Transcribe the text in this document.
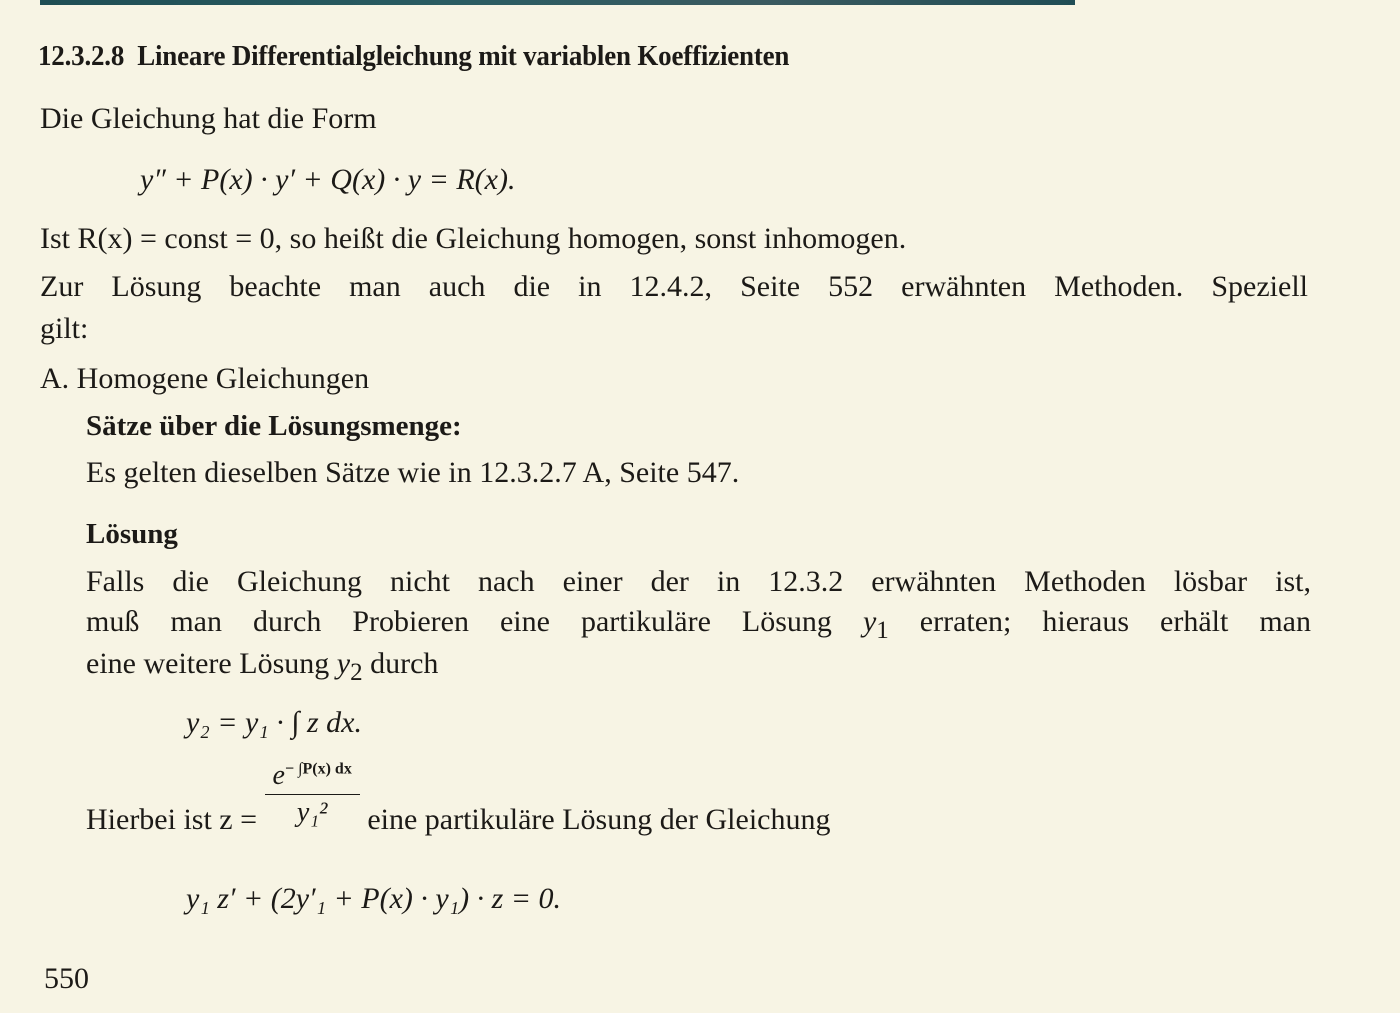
12.3.2.8 Lineare Differentialgleichung mit variablen Koeffizienten
Die Gleichung hat die Form
y″ + P(x) · y′ + Q(x) · y = R(x).
Ist R(x) = const = 0, so heißt die Gleichung homogen, sonst inhomogen.
Zur Lösung beachte man auch die in 12.4.2, Seite 552 erwähnten Methoden. Speziell
gilt:
A. Homogene Gleichungen
Sätze über die Lösungsmenge:
Es gelten dieselben Sätze wie in 12.3.2.7 A, Seite 547.
Lösung
Falls die Gleichung nicht nach einer der in 12.3.2 erwähnten Methoden lösbar ist,
muß man durch Probieren eine partikuläre Lösung $y_1$ erraten; hieraus erhält man
eine weitere Lösung $y_2$ durch
y₂ = y₁ · ∫ z dx.
Hierbei ist $z = \frac{e^{- \int P(x) dx}}{\text{y₁²}}$ eine partikuläre Lösung der Gleichung
y₁ z′ + (2y′₁ + P(x) · y₁) · z = 0.
550
